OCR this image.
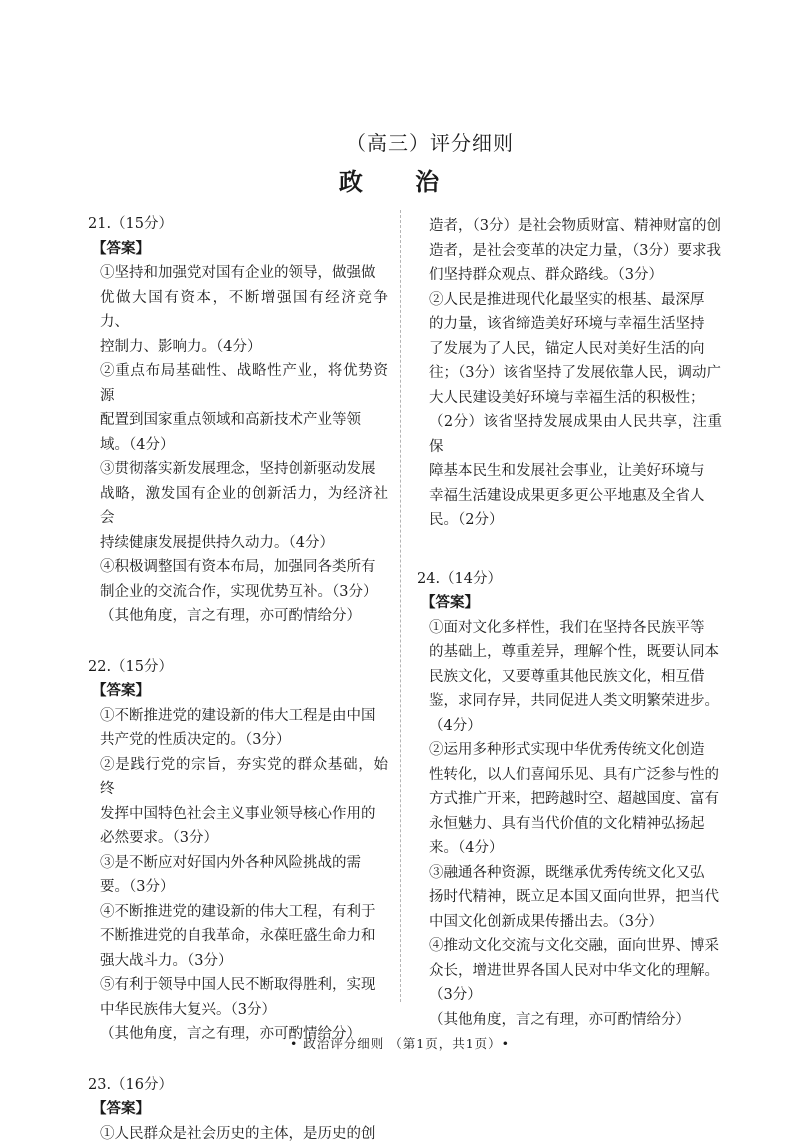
（高三）评分细则
政 治

21.（15分）

【答案】

①坚持和加强党对国有企业的领导，做强做

优做大国有资本，不断增强国有经济竞争力、

控制力、影响力。（4分）

②重点布局基础性、战略性产业，将优势资源

配置到国家重点领域和高新技术产业等领

域。（4分）

③贯彻落实新发展理念，坚持创新驱动发展

战略，激发国有企业的创新活力，为经济社会

持续健康发展提供持久动力。（4分）

④积极调整国有资本布局，加强同各类所有

制企业的交流合作，实现优势互补。（3分）

（其他角度，言之有理，亦可酌情给分）

22.（15分）

【答案】

①不断推进党的建设新的伟大工程是由中国

共产党的性质决定的。（3分）

②是践行党的宗旨，夯实党的群众基础，始终

发挥中国特色社会主义事业领导核心作用的

必然要求。（3分）

③是不断应对好国内外各种风险挑战的需

要。（3分）

④不断推进党的建设新的伟大工程，有利于

不断推进党的自我革命，永葆旺盛生命力和

强大战斗力。（3分）

⑤有利于领导中国人民不断取得胜利，实现

中华民族伟大复兴。（3分）

（其他角度，言之有理，亦可酌情给分）

23.（16分）

【答案】

①人民群众是社会历史的主体，是历史的创

造者，（3分）是社会物质财富、精神财富的创

造者，是社会变革的决定力量，（3分）要求我

们坚持群众观点、群众路线。（3分）

②人民是推进现代化最坚实的根基、最深厚

的力量，该省缔造美好环境与幸福生活坚持

了发展为了人民，锚定人民对美好生活的向

往；（3分）该省坚持了发展依靠人民，调动广

大人民建设美好环境与幸福生活的积极性；

（2分）该省坚持发展成果由人民共享，注重保

障基本民生和发展社会事业，让美好环境与

幸福生活建设成果更多更公平地惠及全省人

民。（2分）

24.（14分）

【答案】

①面对文化多样性，我们在坚持各民族平等

的基础上，尊重差异，理解个性，既要认同本

民族文化，又要尊重其他民族文化，相互借

鉴，求同存异，共同促进人类文明繁荣进步。

（4分）

②运用多种形式实现中华优秀传统文化创造

性转化，以人们喜闻乐见、具有广泛参与性的

方式推广开来，把跨越时空、超越国度、富有

永恒魅力、具有当代价值的文化精神弘扬起

来。（4分）

③融通各种资源，既继承优秀传统文化又弘

扬时代精神，既立足本国又面向世界，把当代

中国文化创新成果传播出去。（3分）

④推动文化交流与文化交融，面向世界、博采

众长，增进世界各国人民对中华文化的理解。

（3分）

（其他角度，言之有理，亦可酌情给分）

• 政治评分细则 （第1页，共1页）•
